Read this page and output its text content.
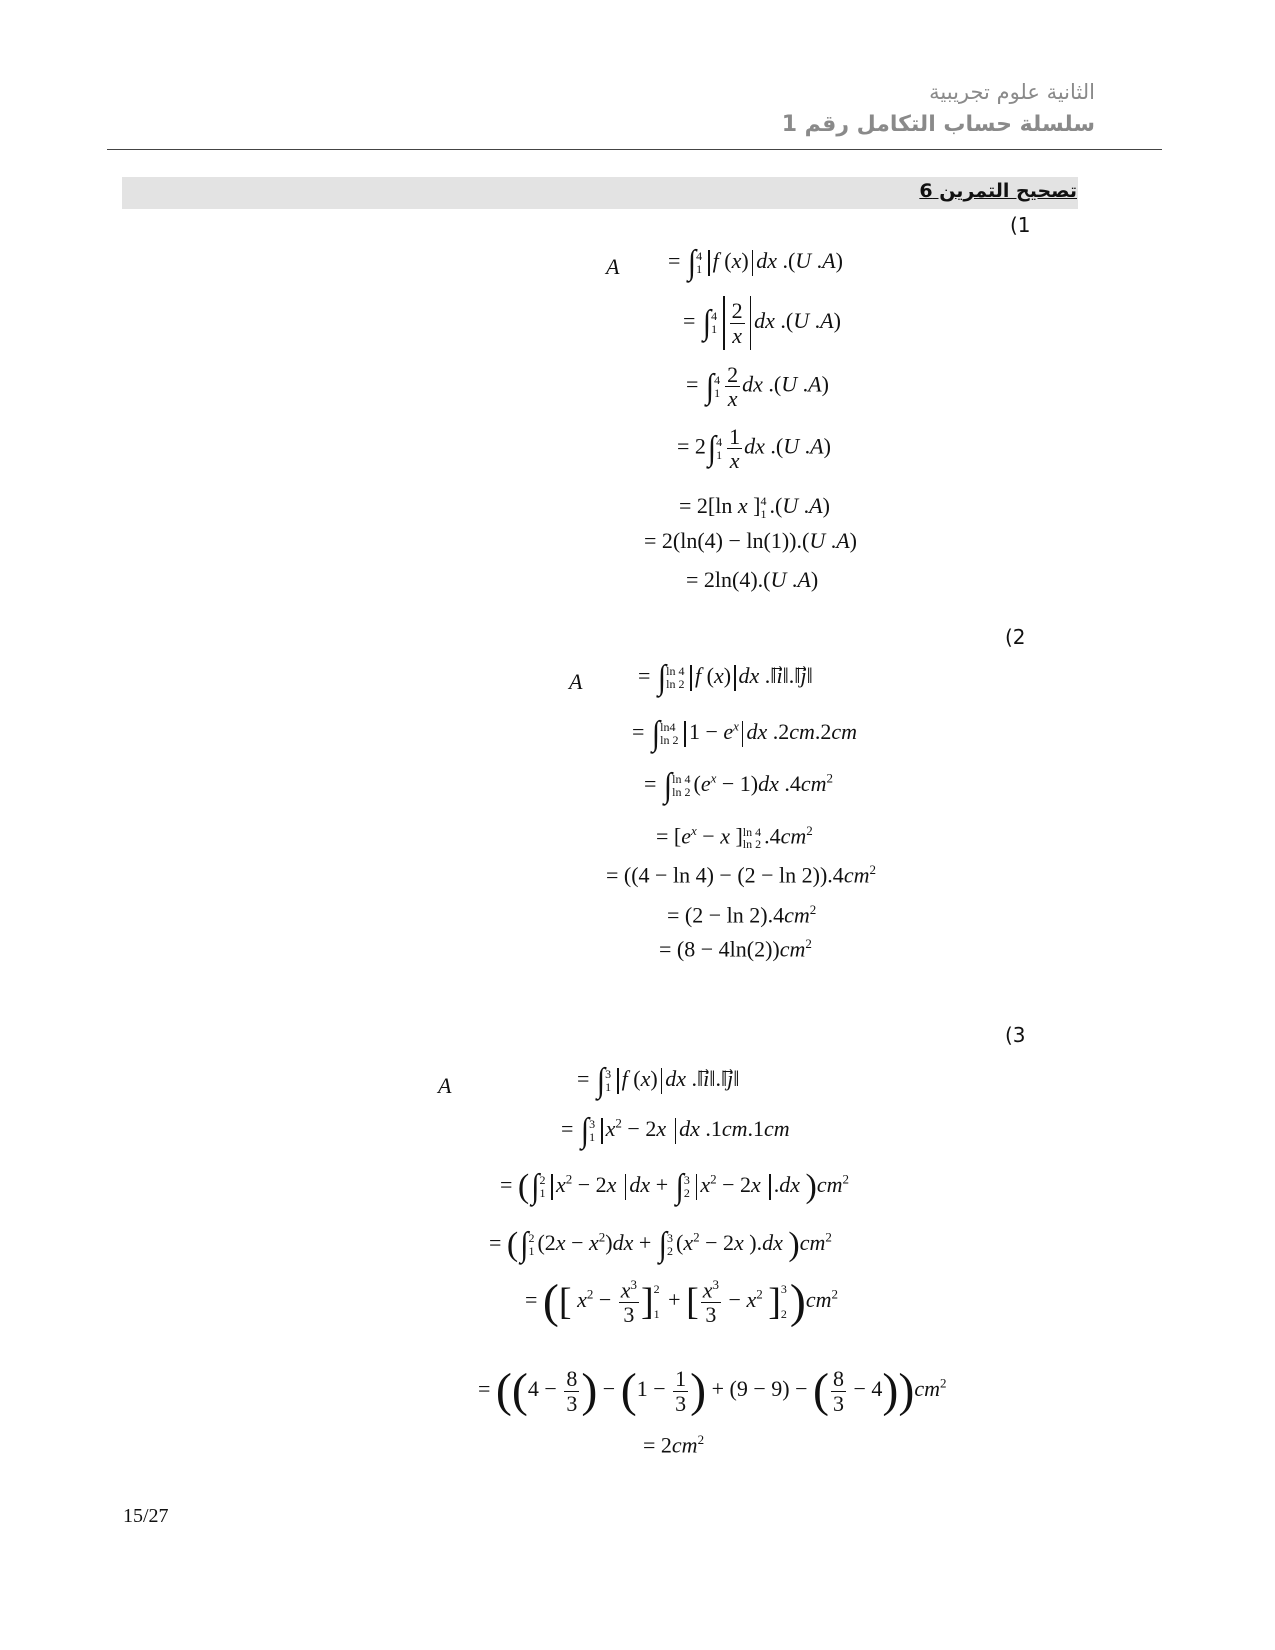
الثانية علوم تجريبية
سلسلة حساب التكامل رقم 1
تصحيح التمرين 6
(1
A = ∫ 4
1 f (x) dx .(U .A)
= ∫ 4
$1 \frac{2}{x}$ dx .(U .A)
= ∫ 4
$1 \frac{2}{x}$ dx .(U .A)
= 2∫ 4
$1 \frac{1}{x}$ dx .(U .A)
= 2[ln x ] 4
1 .(U .A)
= 2(ln(4) − ln(1)).(U .A)
= 2ln(4).(U .A)
(2
A	= ∫ ln 4
ln 2 f (x) dx .‖i⃗‖.‖j⃗‖
= ∫ ln4
ln 2 $1 - e^x$ dx .2cm.2cm
= ∫ ln 4
ln 2 $(e^x - 1)dx$ $.4cm^2$
= [$e^x - x$ ] ln 4
ln 2 $.4cm^2$
= $((4 - \ln 4) - (2 - \ln 2)).4cm^2$
= $(2 - \ln 2).4cm^2$
= $(8 - 4\ln(2))cm^2$
(3
A	= ∫ 3
1 f (x) dx .‖i⃗‖.‖j⃗‖
= ∫ 3
1 $x^2 - 2x$ dx .1cm.1cm
= (∫ 2
1 $x^2 - 2x$ dx + ∫ 3
2 $x^2 - 2x$ .dx )$cm^2$
= (∫ 2
1 $(2x - x^2)dx$ + ∫ 3
2 ($x^2 - 2x$ ).dx )$cm^2$
= ([ $x^2 - \frac{x^3}{3}$ ] 2

1
+ [ $\frac{x^3}{3} - x^2$ ] 3

2 )$cm^2$
= (($4 - \frac{8}{3}$ ) − ($1 - \frac{1}{3}$ ) + (9 − 9) − ( $\frac{8}{3} - 4))cm^2$
= $2cm^2$
15/27
